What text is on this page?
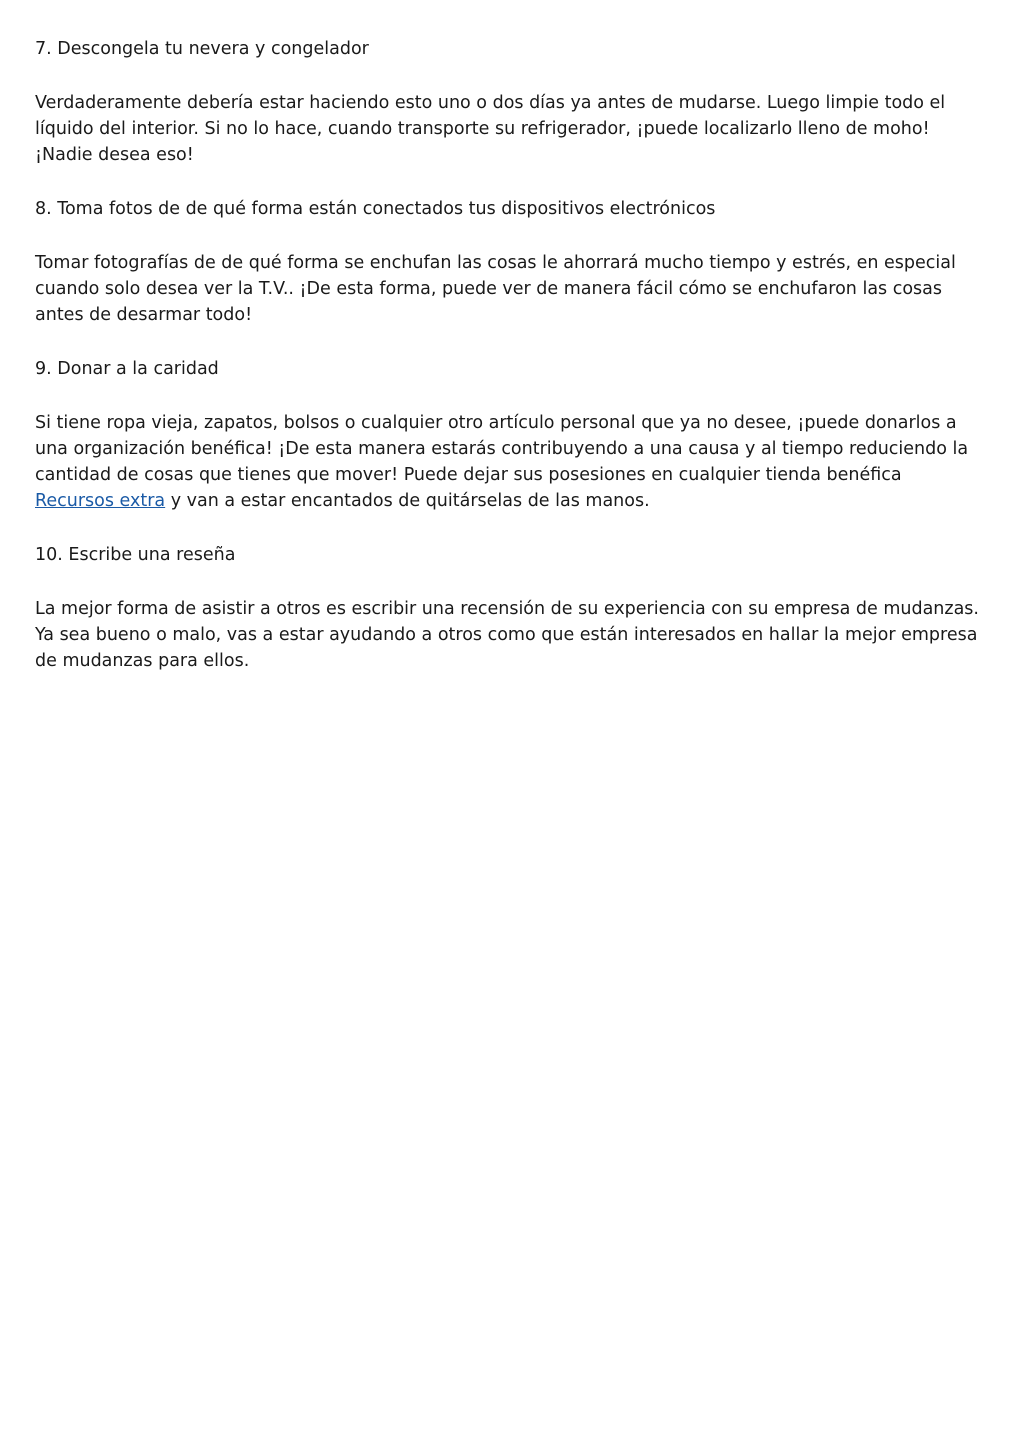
7. Descongela tu nevera y congelador

Verdaderamente debería estar haciendo esto uno o dos días ya antes de mudarse. Luego limpie todo el líquido del interior. Si no lo hace, cuando transporte su refrigerador, ¡puede localizarlo lleno de moho! ¡Nadie desea eso!

8. Toma fotos de de qué forma están conectados tus dispositivos electrónicos

Tomar fotografías de de qué forma se enchufan las cosas le ahorrará mucho tiempo y estrés, en especial cuando solo desea ver la T.V.. ¡De esta forma, puede ver de manera fácil cómo se enchufaron las cosas antes de desarmar todo!

9. Donar a la caridad

Si tiene ropa vieja, zapatos, bolsos o cualquier otro artículo personal que ya no desee, ¡puede donarlos a una organización benéfica! ¡De esta manera estarás contribuyendo a una causa y al tiempo reduciendo la cantidad de cosas que tienes que mover! Puede dejar sus posesiones en cualquier tienda benéfica Recursos extra y van a estar encantados de quitárselas de las manos.

10. Escribe una reseña

La mejor forma de asistir a otros es escribir una recensión de su experiencia con su empresa de mudanzas. Ya sea bueno o malo, vas a estar ayudando a otros como que están interesados en hallar la mejor empresa de mudanzas para ellos.
